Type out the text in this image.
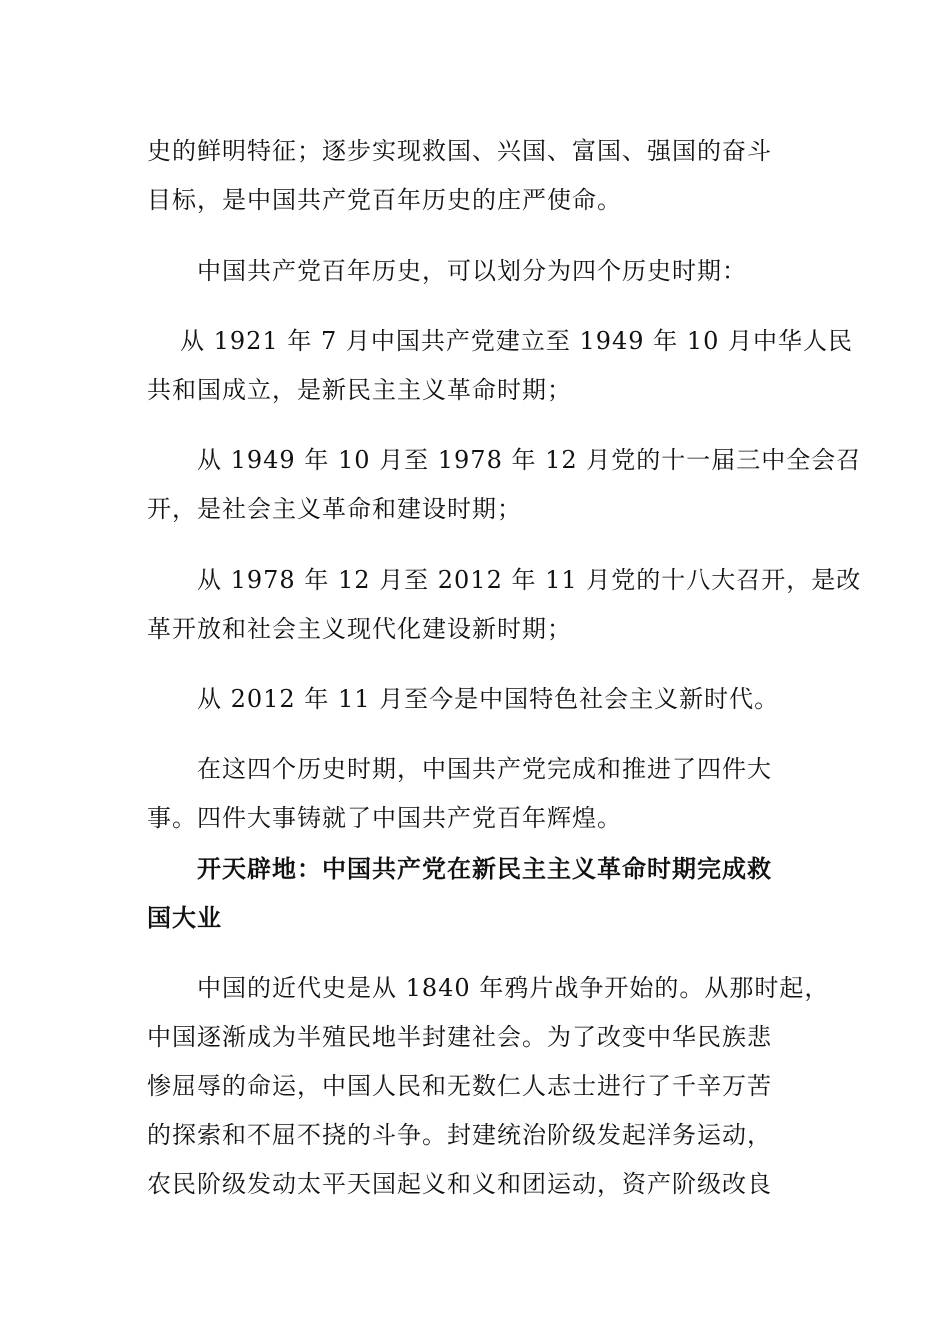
史的鲜明特征；逐步实现救国、兴国、富国、强国的奋斗
目标，是中国共产党百年历史的庄严使命。
中国共产党百年历史，可以划分为四个历史时期：
从 1921 年 7 月中国共产党建立至 1949 年 10 月中华人民
共和国成立，是新民主主义革命时期；
从 1949 年 10 月至 1978 年 12 月党的十一届三中全会召
开，是社会主义革命和建设时期；
从 1978 年 12 月至 2012 年 11 月党的十八大召开，是改
革开放和社会主义现代化建设新时期；
从 2012 年 11 月至今是中国特色社会主义新时代。
在这四个历史时期，中国共产党完成和推进了四件大
事。四件大事铸就了中国共产党百年辉煌。
开天辟地：中国共产党在新民主主义革命时期完成救
国大业
中国的近代史是从 1840 年鸦片战争开始的。从那时起，
中国逐渐成为半殖民地半封建社会。为了改变中华民族悲
惨屈辱的命运，中国人民和无数仁人志士进行了千辛万苦
的探索和不屈不挠的斗争。封建统治阶级发起洋务运动，
农民阶级发动太平天国起义和义和团运动，资产阶级改良
